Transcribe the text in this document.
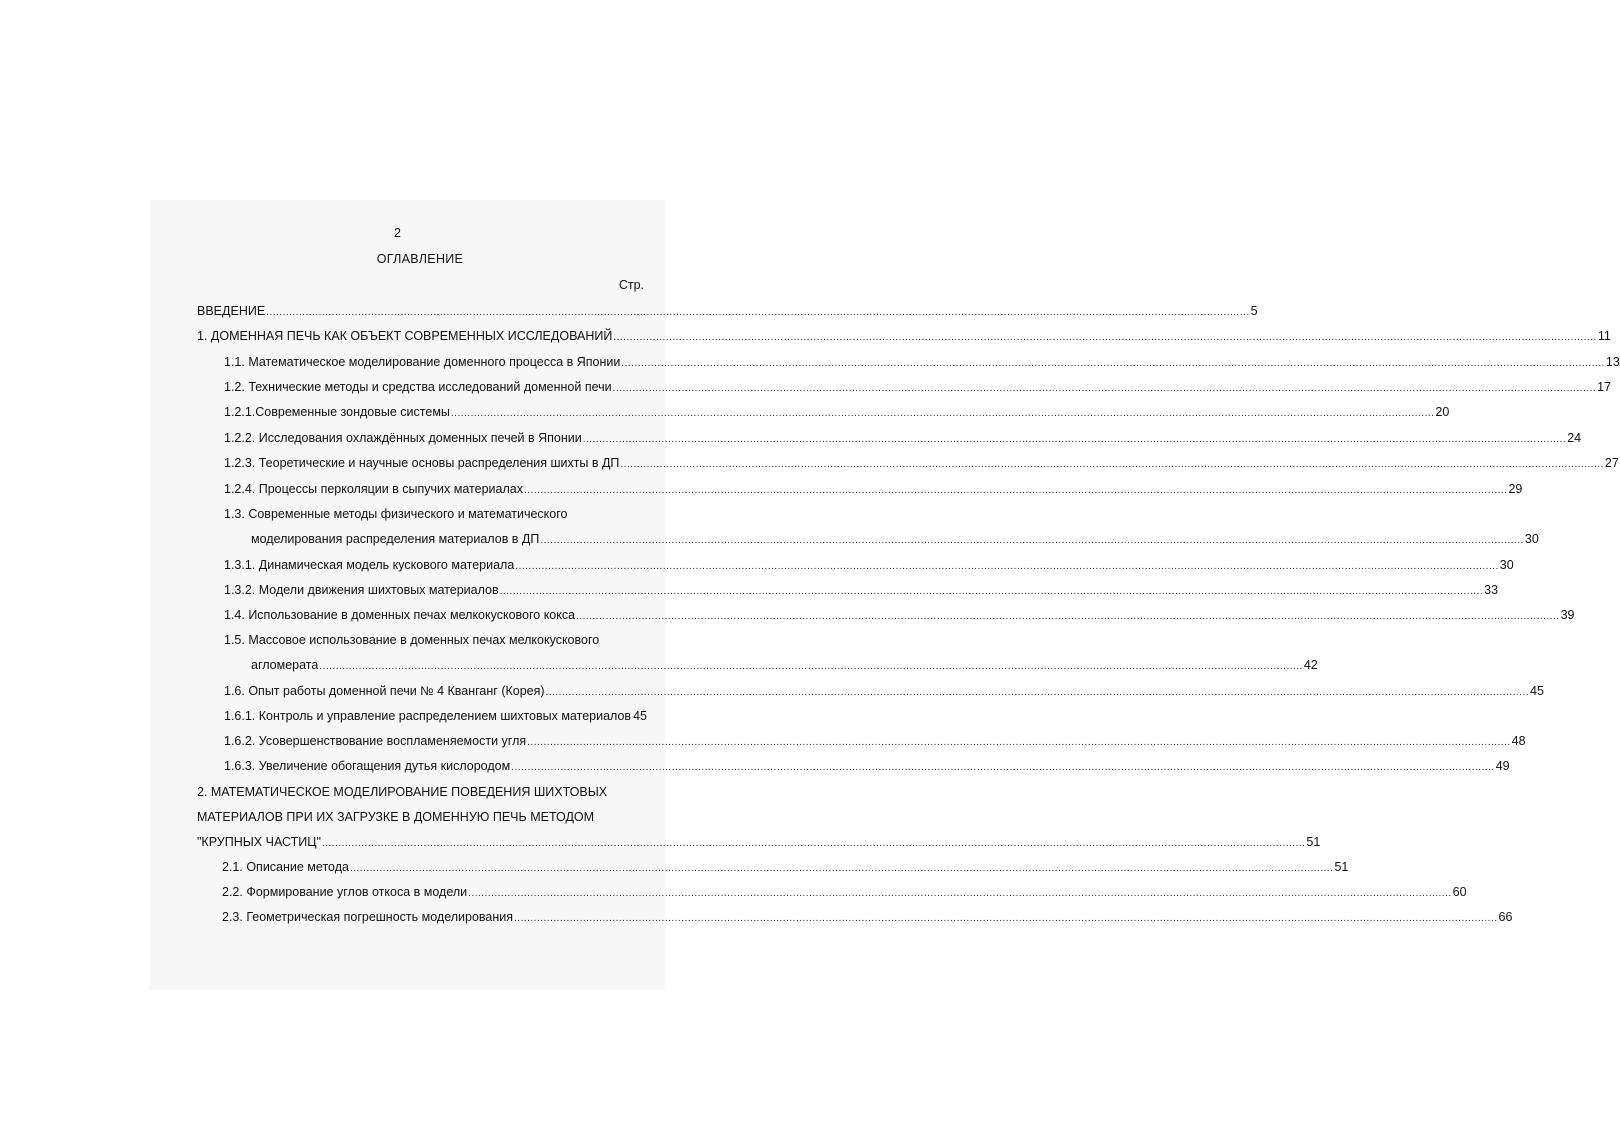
2
ОГЛАВЛЕНИЕ
Стр.
ВВЕДЕНИЕ ............................................................................................................................................................................................................................................................................................................ 5
1. ДОМЕННАЯ ПЕЧЬ КАК ОБЪЕКТ СОВРЕМЕННЫХ ИССЛЕДОВАНИЙ ............................................................................................................................................................................................................................................................................................................ 11
1.1. Математическое моделирование доменного процесса в Японии ............................................................................................................................................................................................................................................................................................................ 13
1.2. Технические методы и средства исследований доменной печи ............................................................................................................................................................................................................................................................................................................ 17
1.2.1.Современные зондовые системы ............................................................................................................................................................................................................................................................................................................ 20
1.2.2. Исследования охлаждённых доменных печей в Японии ............................................................................................................................................................................................................................................................................................................ 24
1.2.3. Теоретические и научные основы распределения шихты в ДП ............................................................................................................................................................................................................................................................................................................ 27
1.2.4. Процессы перколяции в сыпучих материалах ............................................................................................................................................................................................................................................................................................................ 29
1.3. Современные методы физического и математического
моделирования распределения материалов в ДП ............................................................................................................................................................................................................................................................................................................ 30
1.3.1. Динамическая модель кускового материала ............................................................................................................................................................................................................................................................................................................ 30
1.3.2. Модели движения шихтовых материалов ............................................................................................................................................................................................................................................................................................................ 33
1.4. Использование в доменных печах мелкокускового кокса ............................................................................................................................................................................................................................................................................................................ 39
1.5. Массовое использование в доменных печах мелкокускового
агломерата ............................................................................................................................................................................................................................................................................................................ 42
1.6. Опыт работы доменной печи № 4 Кванганг (Корея) ............................................................................................................................................................................................................................................................................................................ 45
1.6.1. Контроль и управление распределением шихтовых материалов 45
1.6.2. Усовершенствование воспламеняемости угля ............................................................................................................................................................................................................................................................................................................ 48
1.6.3. Увеличение обогащения дутья кислородом ............................................................................................................................................................................................................................................................................................................ 49
2. МАТЕМАТИЧЕСКОЕ МОДЕЛИРОВАНИЕ ПОВЕДЕНИЯ ШИХТОВЫХ
МАТЕРИАЛОВ ПРИ ИХ ЗАГРУЗКЕ В ДОМЕННУЮ ПЕЧЬ МЕТОДОМ
"КРУПНЫХ ЧАСТИЦ" ............................................................................................................................................................................................................................................................................................................ 51
2.1. Описание метода ............................................................................................................................................................................................................................................................................................................ 51
2.2. Формирование углов откоса в модели ............................................................................................................................................................................................................................................................................................................ 60
2.3. Геометрическая погрешность моделирования ............................................................................................................................................................................................................................................................................................................ 66
